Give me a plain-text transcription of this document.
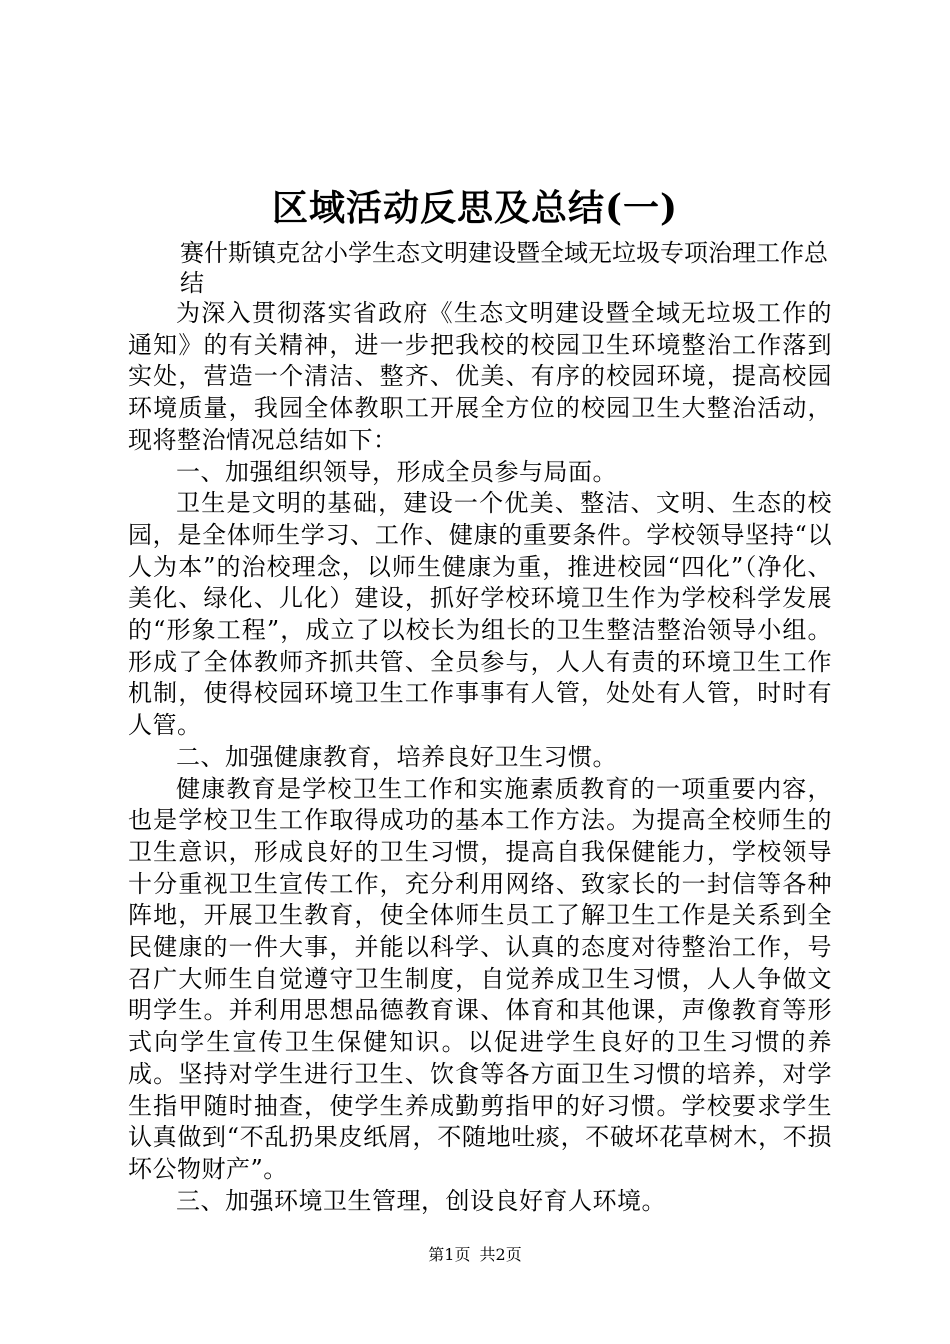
区域活动反思及总结(一)

赛什斯镇克岔小学生态文明建设暨全域无垃圾专项治理工作总结

为深入贯彻落实省政府《生态文明建设暨全域无垃圾工作的通知》的有关精神，进一步把我校的校园卫生环境整治工作落到实处，营造一个清洁、整齐、优美、有序的校园环境，提高校园环境质量，我园全体教职工开展全方位的校园卫生大整治活动，现将整治情况总结如下：

一、加强组织领导，形成全员参与局面。

卫生是文明的基础，建设一个优美、整洁、文明、生态的校园，是全体师生学习、工作、健康的重要条件。学校领导坚持“以人为本”的治校理念，以师生健康为重，推进校园“四化”（净化、美化、绿化、儿化）建设，抓好学校环境卫生作为学校科学发展的“形象工程”，成立了以校长为组长的卫生整洁整治领导小组。形成了全体教师齐抓共管、全员参与，人人有责的环境卫生工作机制，使得校园环境卫生工作事事有人管，处处有人管，时时有人管。

二、加强健康教育，培养良好卫生习惯。

健康教育是学校卫生工作和实施素质教育的一项重要内容，也是学校卫生工作取得成功的基本工作方法。为提高全校师生的卫生意识，形成良好的卫生习惯，提高自我保健能力，学校领导十分重视卫生宣传工作，充分利用网络、致家长的一封信等各种阵地，开展卫生教育，使全体师生员工了解卫生工作是关系到全民健康的一件大事，并能以科学、认真的态度对待整治工作，号召广大师生自觉遵守卫生制度，自觉养成卫生习惯，人人争做文明学生。并利用思想品德教育课、体育和其他课，声像教育等形式向学生宣传卫生保健知识。以促进学生良好的卫生习惯的养成。坚持对学生进行卫生、饮食等各方面卫生习惯的培养，对学生指甲随时抽查，使学生养成勤剪指甲的好习惯。学校要求学生认真做到“不乱扔果皮纸屑，不随地吐痰，不破坏花草树木，不损坏公物财产”。

三、加强环境卫生管理，创设良好育人环境。

第1页 共2页
